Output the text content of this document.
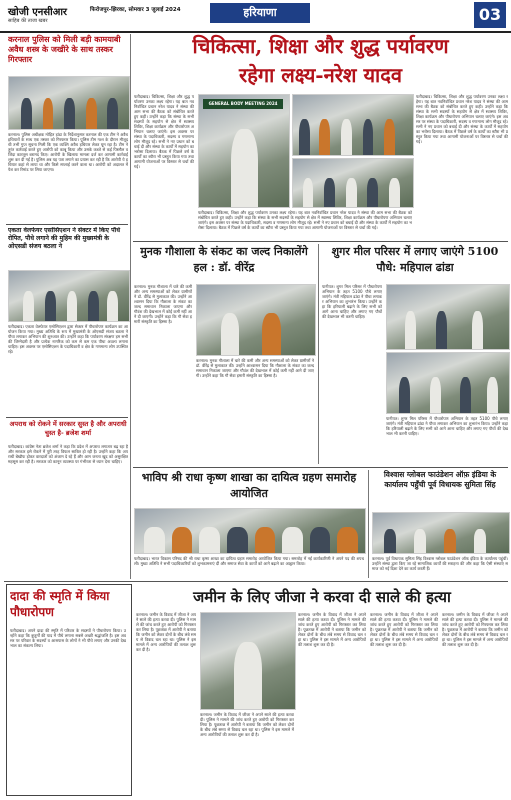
खोजी एनसीआर
साहिब की ताजा खबर
फिरोजपुर-झिरका, सोमवार 3 जुलाई 2024	हरियाणा	03
करनाल पुलिस को मिली बड़ी कामयाबी अवैध शस्त्र के जखीरे के साथ तस्कर गिरफ्तार
करनाल। पुलिस अधीक्षक मोहित हांडा के निर्देशानुसार करनाल की एक टीम ने अवैध हथियारों के साथ एक तस्कर को गिरफ्तार किया। पुलिस टीम गश्त के दौरान मौजूद थी तभी गुप्त सूचना मिली कि एक व्यक्ति अवैध हथियार लेकर घूम रहा है। टीम ने तुरंत कार्रवाई करते हुए आरोपी को काबू किया और उसके कब्जे से कई पिस्तौल व जिंदा कारतूस बरामद किए। आरोपी के खिलाफ मामला दर्ज कर आगामी कार्रवाई शुरू कर दी गई है। पुलिस अब यह पता लगाने का प्रयास कर रही है कि आरोपी ये हथियार कहां से लाया था और किसे सप्लाई करने वाला था। आरोपी को अदालत में पेश कर रिमांड पर लिया जाएगा।
एकता वेलफेयर एसोसिएशन ने सेक्टर में किए पौधे रोपित, पौधे लगाने की मुहिम की मुख्यमंत्री के ओएसडी संजय बठला ने
फरीदाबाद। एकता वेलफेयर एसोसिएशन द्वारा सेक्टर में पौधारोपण कार्यक्रम का आयोजन किया गया। मुख्य अतिथि के रूप में मुख्यमंत्री के ओएसडी संजय बठला ने पौधा लगाकर अभियान की शुरुआत की। उन्होंने कहा कि पर्यावरण संरक्षण हम सभी की जिम्मेदारी है और प्रत्येक नागरिक को कम से कम एक पौधा अवश्य लगाना चाहिए। इस अवसर पर एसोसिएशन के पदाधिकारी व क्षेत्र के गणमान्य लोग उपस्थित रहे।
अपराध को रोकने में सरकार सुस्त है और अपराधी चुस्त है- ब्रजेश शर्मा
फरीदाबाद। कांग्रेस नेता ब्रजेश शर्मा ने कहा कि प्रदेश में अपराध लगातार बढ़ रहा है और सरकार इसे रोकने में पूरी तरह विफल साबित हो रही है। उन्होंने कहा कि अपराधी बेखौफ होकर वारदातों को अंजाम दे रहे हैं और आम जनता खुद को असुरक्षित महसूस कर रही है। सरकार को कानून व्यवस्था पर गंभीरता से ध्यान देना चाहिए।
चिकित्सा, शिक्षा और शुद्ध पर्यावरण
रहेगा लक्ष्य-नरेश यादव
फरीदाबाद। चिकित्सा, शिक्षा और शुद्ध पर्यावरण उनका लक्ष्य रहेगा। यह बात नवनिर्वाचित प्रधान नरेश यादव ने संस्था की आम सभा की बैठक को संबोधित करते हुए कही। उन्होंने कहा कि संस्था के सभी सदस्यों के सहयोग से क्षेत्र में स्वास्थ्य शिविर, शिक्षा कार्यक्रम और पौधारोपण अभियान चलाए जाएंगे। इस अवसर पर संस्था के पदाधिकारी, सदस्य व गणमान्य लोग मौजूद रहे। सभी ने नए प्रधान को बधाई दी और संस्था के कार्यों में सहयोग का भरोसा दिलाया। बैठक में पिछले वर्ष के कार्यों का ब्यौरा भी प्रस्तुत किया गया तथा आगामी योजनाओं पर विस्तार से चर्चा की गई।
GENERAL BODY MEETING 2024
फरीदाबाद। चिकित्सा, शिक्षा और शुद्ध पर्यावरण उनका लक्ष्य रहेगा। यह बात नवनिर्वाचित प्रधान नरेश यादव ने संस्था की आम सभा की बैठक को संबोधित करते हुए कही। उन्होंने कहा कि संस्था के सभी सदस्यों के सहयोग से क्षेत्र में स्वास्थ्य शिविर, शिक्षा कार्यक्रम और पौधारोपण अभियान चलाए जाएंगे। इस अवसर पर संस्था के पदाधिकारी, सदस्य व गणमान्य लोग मौजूद रहे। सभी ने नए प्रधान को बधाई दी और संस्था के कार्यों में सहयोग का भरोसा दिलाया। बैठक में पिछले वर्ष के कार्यों का ब्यौरा भी प्रस्तुत किया गया तथा आगामी योजनाओं पर विस्तार से चर्चा की गई।
फरीदाबाद। चिकित्सा, शिक्षा और शुद्ध पर्यावरण उनका लक्ष्य रहेगा। यह बात नवनिर्वाचित प्रधान नरेश यादव ने संस्था की आम सभा की बैठक को संबोधित करते हुए कही। उन्होंने कहा कि संस्था के सभी सदस्यों के सहयोग से क्षेत्र में स्वास्थ्य शिविर, शिक्षा कार्यक्रम और पौधारोपण अभियान चलाए जाएंगे। इस अवसर पर संस्था के पदाधिकारी, सदस्य व गणमान्य लोग मौजूद रहे। सभी ने नए प्रधान को बधाई दी और संस्था के कार्यों में सहयोग का भरोसा दिलाया। बैठक में पिछले वर्ष के कार्यों का ब्यौरा भी प्रस्तुत किया गया तथा आगामी योजनाओं पर विस्तार से चर्चा की गई।
मुनक गौशाला के संकट का जल्द निकालेंगे हल : डॉ. वीरेंद्र
करनाल। मुनक गौशाला में चारे की कमी और अन्य समस्याओं को लेकर ग्रामीणों ने डॉ. वीरेंद्र से मुलाकात की। उन्होंने आश्वासन दिया कि गौशाला के संकट का जल्द समाधान निकाला जाएगा और गौवंश की देखभाल में कोई कमी नहीं आने दी जाएगी। उन्होंने कहा कि गौ सेवा हमारी संस्कृति का हिस्सा है।
करनाल। मुनक गौशाला में चारे की कमी और अन्य समस्याओं को लेकर ग्रामीणों ने डॉ. वीरेंद्र से मुलाकात की। उन्होंने आश्वासन दिया कि गौशाला के संकट का जल्द समाधान निकाला जाएगा और गौवंश की देखभाल में कोई कमी नहीं आने दी जाएगी। उन्होंने कहा कि गौ सेवा हमारी संस्कृति का हिस्सा है।
शुगर मील परिसर में लगाए जाएंगे 5100 पौधे: महिपाल ढांडा
पानीपत। शुगर मिल परिसर में पौधारोपण अभियान के तहत 5100 पौधे लगाए जाएंगे। मंत्री महिपाल ढांडा ने पौधा लगाकर अभियान का शुभारंभ किया। उन्होंने कहा कि हरियाली बढ़ाने के लिए सभी को आगे आना चाहिए और लगाए गए पौधों की देखभाल भी करनी चाहिए।
पानीपत। शुगर मिल परिसर में पौधारोपण अभियान के तहत 5100 पौधे लगाए जाएंगे। मंत्री महिपाल ढांडा ने पौधा लगाकर अभियान का शुभारंभ किया। उन्होंने कहा कि हरियाली बढ़ाने के लिए सभी को आगे आना चाहिए और लगाए गए पौधों की देखभाल भी करनी चाहिए।
भाविप श्री राधा कृष्ण शाखा का दायित्व ग्रहण समारोह आयोजित
फरीदाबाद। भारत विकास परिषद की श्री राधा कृष्ण शाखा का दायित्व ग्रहण समारोह आयोजित किया गया। समारोह में नई कार्यकारिणी ने अपने पद की शपथ ली। मुख्य अतिथि ने सभी पदाधिकारियों को शुभकामनाएं दीं और समाज सेवा के कार्यों को आगे बढ़ाने का आह्वान किया।
विश्वास ग्लोबल फाउंडेशन ऑफ़ इंडिया के कार्यालय पहुँची पूर्व विधायक सुमिता सिंह
करनाल। पूर्व विधायक सुमिता सिंह विश्वास ग्लोबल फाउंडेशन ऑफ इंडिया के कार्यालय पहुंचीं। उन्होंने संस्था द्वारा किए जा रहे सामाजिक कार्यों की सराहना की और कहा कि ऐसी संस्थाएं समाज को नई दिशा देने का कार्य करती हैं।
दादा की स्मृति में किया पौधारोपण
फरीदाबाद। अपने दादा की स्मृति में परिवार के सदस्यों ने पौधारोपण किया। उन्होंने कहा कि बुजुर्गों की याद में पौधे लगाना सबसे अच्छी श्रद्धांजलि है। इस अवसर पर परिवार के सदस्यों व आसपास के लोगों ने भी पौधे लगाए और उनकी देखभाल का संकल्प लिया।
जमीन के लिए जीजा ने करवा दी साले की हत्या
करनाल। जमीन के विवाद में जीजा ने अपने साले की हत्या करवा दी। पुलिस ने मामले की जांच करते हुए आरोपी को गिरफ्तार कर लिया है। पूछताछ में आरोपी ने बताया कि जमीन को लेकर दोनों के बीच लंबे समय से विवाद चल रहा था। पुलिस ने इस मामले में अन्य आरोपियों की तलाश शुरू कर दी है।
करनाल। जमीन के विवाद में जीजा ने अपने साले की हत्या करवा दी। पुलिस ने मामले की जांच करते हुए आरोपी को गिरफ्तार कर लिया है। पूछताछ में आरोपी ने बताया कि जमीन को लेकर दोनों के बीच लंबे समय से विवाद चल रहा था। पुलिस ने इस मामले में अन्य आरोपियों की तलाश शुरू कर दी है।
करनाल। जमीन के विवाद में जीजा ने अपने साले की हत्या करवा दी। पुलिस ने मामले की जांच करते हुए आरोपी को गिरफ्तार कर लिया है। पूछताछ में आरोपी ने बताया कि जमीन को लेकर दोनों के बीच लंबे समय से विवाद चल रहा था। पुलिस ने इस मामले में अन्य आरोपियों की तलाश शुरू कर दी है।
करनाल। जमीन के विवाद में जीजा ने अपने साले की हत्या करवा दी। पुलिस ने मामले की जांच करते हुए आरोपी को गिरफ्तार कर लिया है। पूछताछ में आरोपी ने बताया कि जमीन को लेकर दोनों के बीच लंबे समय से विवाद चल रहा था। पुलिस ने इस मामले में अन्य आरोपियों की तलाश शुरू कर दी है।
करनाल। जमीन के विवाद में जीजा ने अपने साले की हत्या करवा दी। पुलिस ने मामले की जांच करते हुए आरोपी को गिरफ्तार कर लिया है। पूछताछ में आरोपी ने बताया कि जमीन को लेकर दोनों के बीच लंबे समय से विवाद चल रहा था। पुलिस ने इस मामले में अन्य आरोपियों की तलाश शुरू कर दी है।
